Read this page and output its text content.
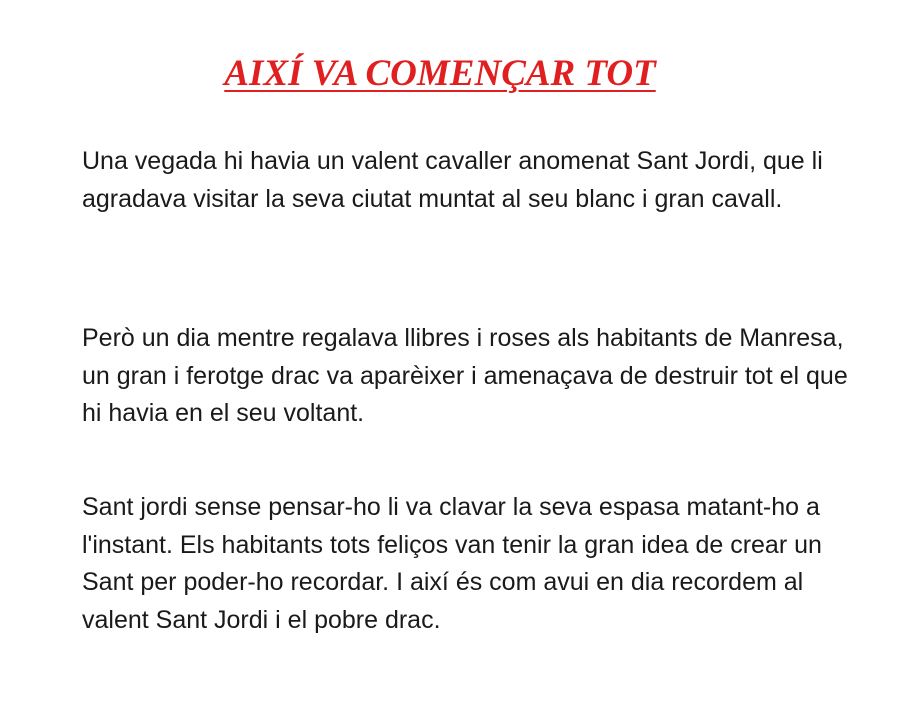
AIXÍ VA COMENÇAR TOT

Una vegada hi havia un valent cavaller anomenat Sant Jordi, que li agradava visitar la seva ciutat muntat al seu blanc i gran cavall.

Però un dia mentre regalava llibres i roses als habitants de Manresa, un gran i ferotge drac va aparèixer i amenaçava de destruir tot el que hi havia en el seu voltant.

Sant jordi sense pensar-ho li va clavar la seva espasa matant-ho a l'instant. Els habitants tots feliços van tenir la gran idea de crear un Sant per poder-ho recordar. I així és com avui en dia recordem al valent Sant Jordi i el pobre drac.
